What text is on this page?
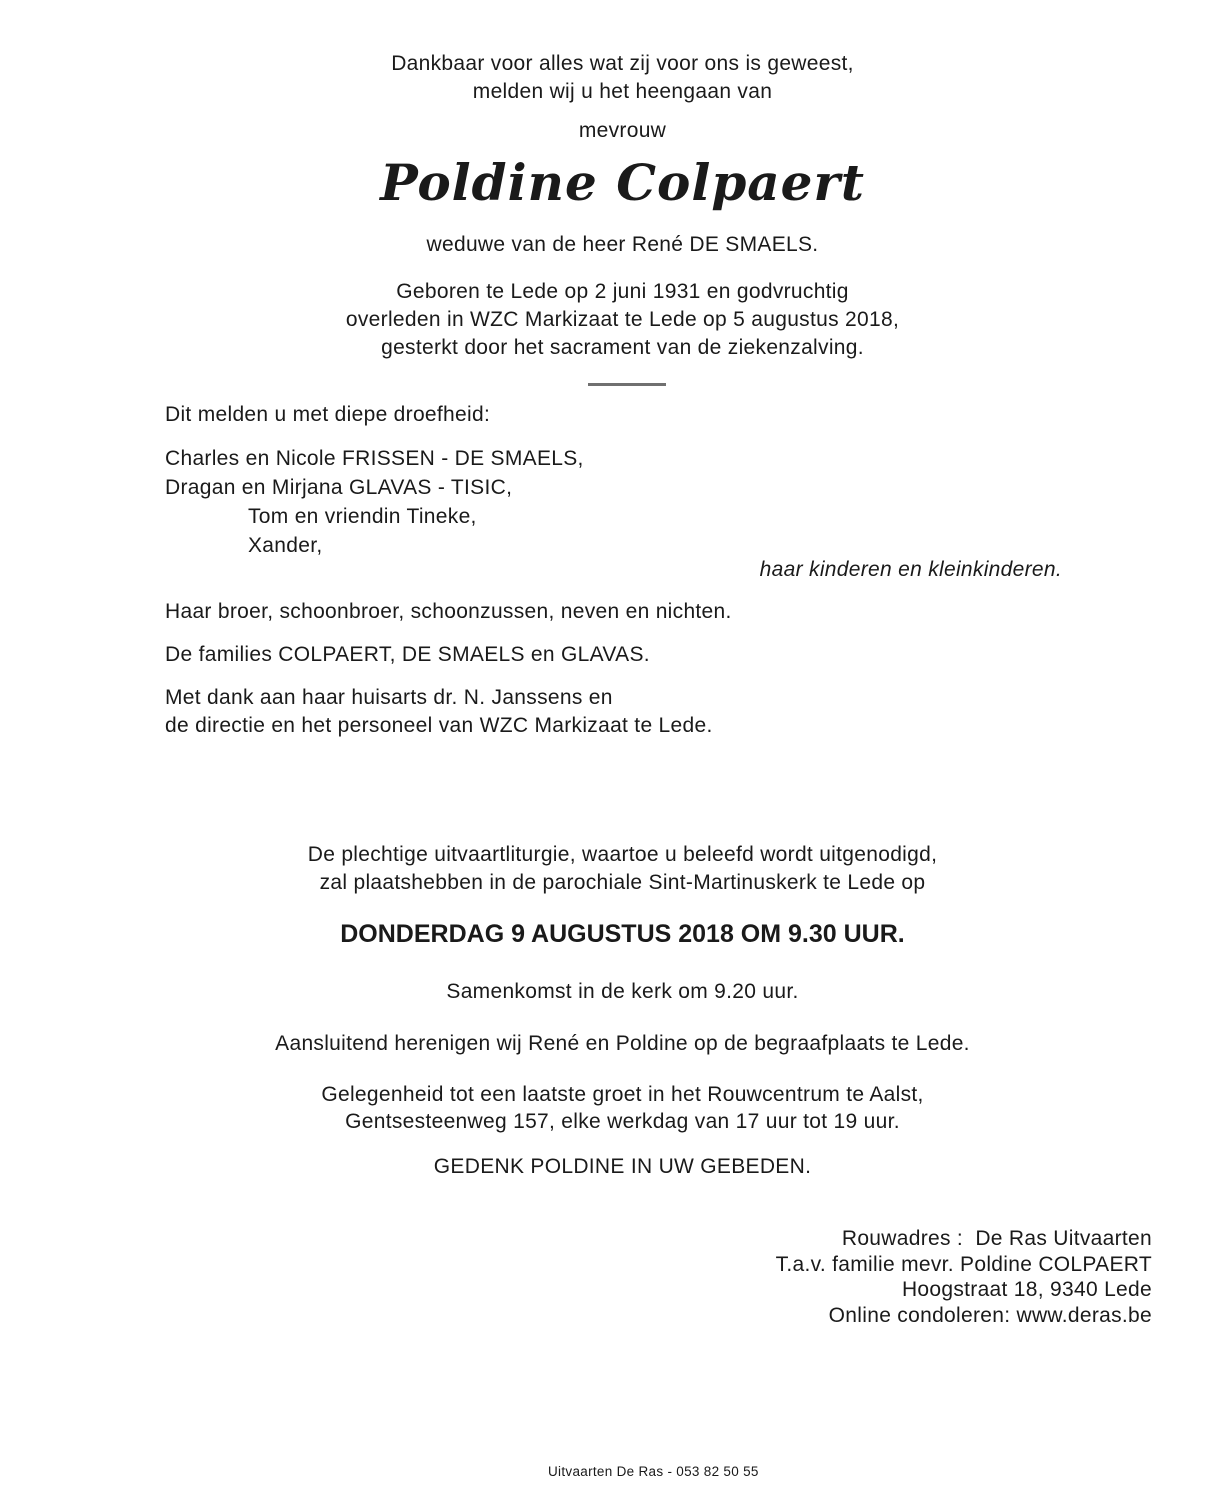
Dankbaar voor alles wat zij voor ons is geweest,
melden wij u het heengaan van
mevrouw
Poldine Colpaert
weduwe van de heer René DE SMAELS.
Geboren te Lede op 2 juni 1931 en godvruchtig
overleden in WZC Markizaat te Lede op 5 augustus 2018,
gesterkt door het sacrament van de ziekenzalving.
Dit melden u met diepe droefheid:
Charles en Nicole FRISSEN - DE SMAELS,
Dragan en Mirjana GLAVAS - TISIC,
Tom en vriendin Tineke,
Xander,
haar kinderen en kleinkinderen.
Haar broer, schoonbroer, schoonzussen, neven en nichten.
De families COLPAERT, DE SMAELS en GLAVAS.
Met dank aan haar huisarts dr. N. Janssens en
de directie en het personeel van WZC Markizaat te Lede.
De plechtige uitvaartliturgie, waartoe u beleefd wordt uitgenodigd,
zal plaatshebben in de parochiale Sint-Martinuskerk te Lede op
DONDERDAG 9 AUGUSTUS 2018 OM 9.30 UUR.
Samenkomst in de kerk om 9.20 uur.
Aansluitend herenigen wij René en Poldine op de begraafplaats te Lede.
Gelegenheid tot een laatste groet in het Rouwcentrum te Aalst,
Gentsesteenweg 157, elke werkdag van 17 uur tot 19 uur.
GEDENK POLDINE IN UW GEBEDEN.
Rouwadres :  De Ras Uitvaarten
T.a.v. familie mevr. Poldine COLPAERT
Hoogstraat 18, 9340 Lede
Online condoleren: www.deras.be
Uitvaarten De Ras - 053 82 50 55
